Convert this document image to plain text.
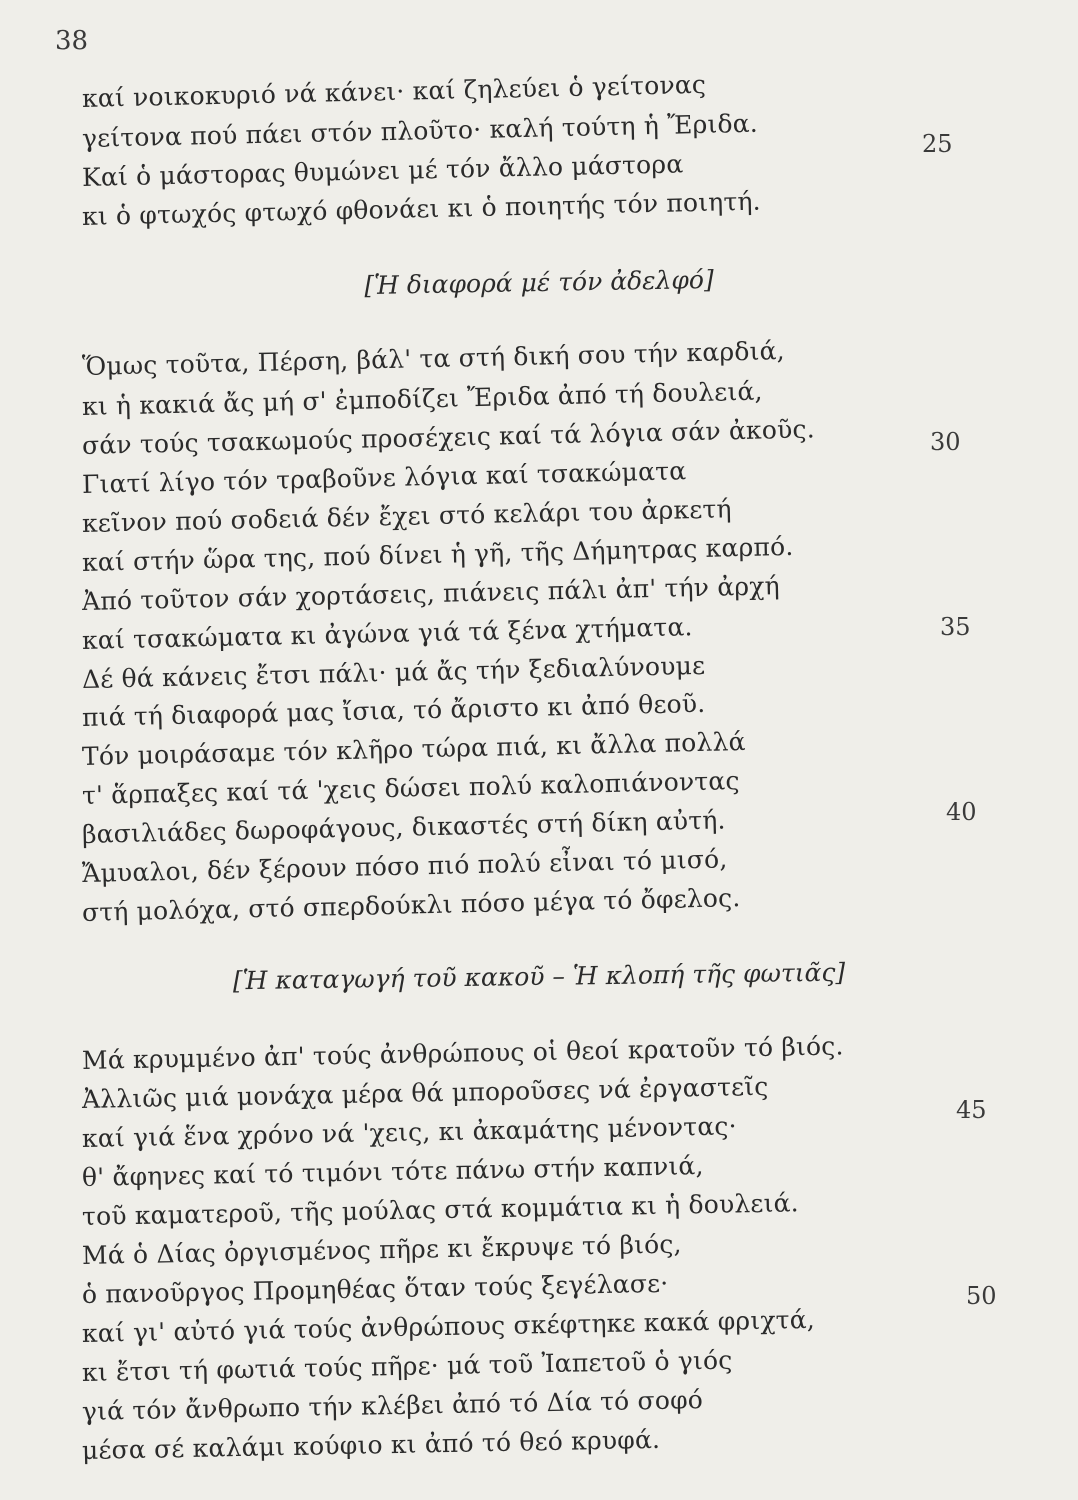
38
καί νοικοκυριό νά κάνει· καί ζηλεύει ὁ γείτονας
γείτονα πού πάει στόν πλοῦτο· καλή τούτη ἡ Ἔριδα.
Καί ὁ μάστορας θυμώνει μέ τόν ἄλλο μάστορα
κι ὁ φτωχός φτωχό φθονάει κι ὁ ποιητής τόν ποιητή.
[Ἡ διαφορά μέ τόν ἀδελφό]
Ὅμως τοῦτα, Πέρση, βάλ' τα στή δική σου τήν καρδιά,
κι ἡ κακιά ἄς μή σ' ἐμποδίζει Ἔριδα ἀπό τή δουλειά,
σάν τούς τσακωμούς προσέχεις καί τά λόγια σάν ἀκοῦς.
Γιατί λίγο τόν τραβοῦνε λόγια καί τσακώματα
κεῖνον πού σοδειά δέν ἔχει στό κελάρι του ἀρκετή
καί στήν ὥρα της, πού δίνει ἡ γῆ, τῆς Δήμητρας καρπό.
Ἀπό τοῦτον σάν χορτάσεις, πιάνεις πάλι ἀπ' τήν ἀρχή
καί τσακώματα κι ἀγώνα γιά τά ξένα χτήματα.
Δέ θά κάνεις ἔτσι πάλι· μά ἄς τήν ξεδιαλύνουμε
πιά τή διαφορά μας ἴσια, τό ἄριστο κι ἀπό θεοῦ.
Τόν μοιράσαμε τόν κλῆρο τώρα πιά, κι ἄλλα πολλά
τ' ἅρπαξες καί τά 'χεις δώσει πολύ καλοπιάνοντας
βασιλιάδες δωροφάγους, δικαστές στή δίκη αὐτή.
Ἄμυαλοι, δέν ξέρουν πόσο πιό πολύ εἶναι τό μισό,
στή μολόχα, στό σπερδούκλι πόσο μέγα τό ὄφελος.
[Ἡ καταγωγή τοῦ κακοῦ – Ἡ κλοπή τῆς φωτιᾶς]
Μά κρυμμένο ἀπ' τούς ἀνθρώπους οἱ θεοί κρατοῦν τό βιός.
Ἀλλιῶς μιά μονάχα μέρα θά μποροῦσες νά ἐργαστεῖς
καί γιά ἕνα χρόνο νά 'χεις, κι ἀκαμάτης μένοντας·
θ' ἄφηνες καί τό τιμόνι τότε πάνω στήν καπνιά,
τοῦ καματεροῦ, τῆς μούλας στά κομμάτια κι ἡ δουλειά.
Μά ὁ Δίας ὀργισμένος πῆρε κι ἔκρυψε τό βιός,
ὁ πανοῦργος Προμηθέας ὅταν τούς ξεγέλασε·
καί γι' αὐτό γιά τούς ἀνθρώπους σκέφτηκε κακά φριχτά,
κι ἔτσι τή φωτιά τούς πῆρε· μά τοῦ Ἰαπετοῦ ὁ γιός
γιά τόν ἄνθρωπο τήν κλέβει ἀπό τό Δία τό σοφό
μέσα σέ καλάμι κούφιο κι ἀπό τό θεό κρυφά.
25
30
35
40
45
50
